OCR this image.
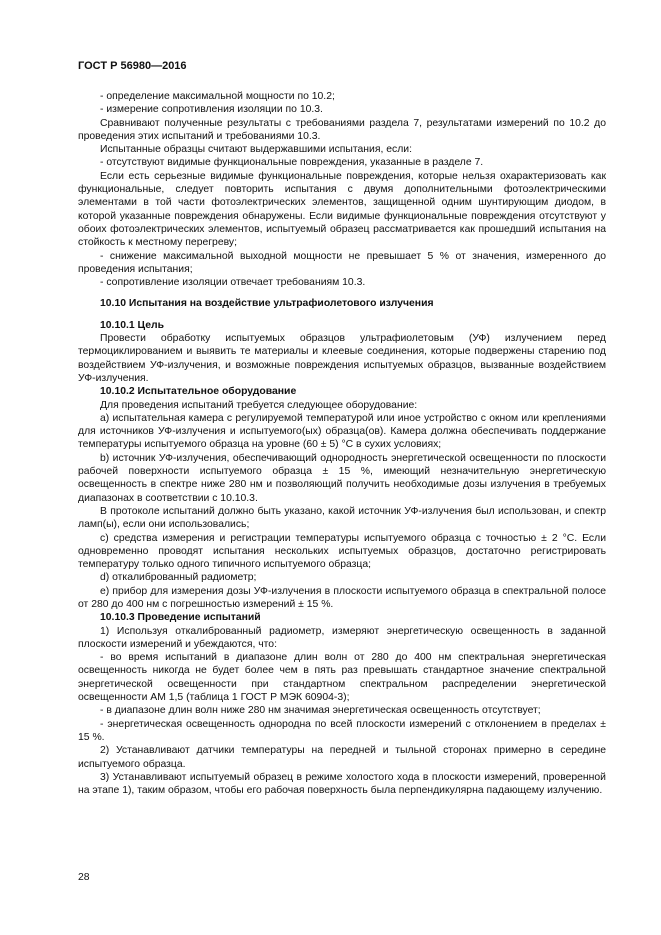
ГОСТ Р 56980—2016

- определение максимальной мощности по 10.2;

- измерение сопротивления изоляции по 10.3.

Сравнивают полученные результаты с требованиями раздела 7, результатами измерений по 10.2 до проведения этих испытаний и требованиями 10.3.

Испытанные образцы считают выдержавшими испытания, если:

- отсутствуют видимые функциональные повреждения, указанные в разделе 7.

Если есть серьезные видимые функциональные повреждения, которые нельзя охарактеризовать как функциональные, следует повторить испытания с двумя дополнительными фотоэлектрическими элементами в той части фотоэлектрических элементов, защищенной одним шунтирующим диодом, в которой указанные повреждения обнаружены. Если видимые функциональные повреждения отсутствуют у обоих фотоэлектрических элементов, испытуемый образец рассматривается как прошедший испытания на стойкость к местному перегреву;

- снижение максимальной выходной мощности не превышает 5 % от значения, измеренного до проведения испытания;

- сопротивление изоляции отвечает требованиям 10.3.

10.10 Испытания на воздействие ультрафиолетового излучения

10.10.1 Цель

Провести обработку испытуемых образцов ультрафиолетовым (УФ) излучением перед термоциклированием и выявить те материалы и клеевые соединения, которые подвержены старению под воздействием УФ-излучения, и возможные повреждения испытуемых образцов, вызванные воздействием УФ-излучения.

10.10.2 Испытательное оборудование

Для проведения испытаний требуется следующее оборудование:

а) испытательная камера с регулируемой температурой или иное устройство с окном или креплениями для источников УФ-излучения и испытуемого(ых) образца(ов). Камера должна обеспечивать поддержание температуры испытуемого образца на уровне (60 ± 5) °С в сухих условиях;

b) источник УФ-излучения, обеспечивающий однородность энергетической освещенности по плоскости рабочей поверхности испытуемого образца ± 15 %, имеющий незначительную энергетическую освещенность в спектре ниже 280 нм и позволяющий получить необходимые дозы излучения в требуемых диапазонах в соответствии с 10.10.3.

В протоколе испытаний должно быть указано, какой источник УФ-излучения был использован, и спектр ламп(ы), если они использовались;

с) средства измерения и регистрации температуры испытуемого образца с точностью ± 2 °С. Если одновременно проводят испытания нескольких испытуемых образцов, достаточно регистрировать температуру только одного типичного испытуемого образца;

d) откалиброванный радиометр;

е) прибор для измерения дозы УФ-излучения в плоскости испытуемого образца в спектральной полосе от 280 до 400 нм с погрешностью измерений ± 15 %.

10.10.3 Проведение испытаний

1) Используя откалиброванный радиометр, измеряют энергетическую освещенность в заданной плоскости измерений и убеждаются, что:

- во время испытаний в диапазоне длин волн от 280 до 400 нм спектральная энергетическая освещенность никогда не будет более чем в пять раз превышать стандартное значение спектральной энергетической освещенности при стандартном спектральном распределении энергетической освещенности АМ 1,5 (таблица 1 ГОСТ Р МЭК 60904-3);

- в диапазоне длин волн ниже 280 нм значимая энергетическая освещенность отсутствует;

- энергетическая освещенность однородна по всей плоскости измерений с отклонением в пределах ± 15 %.

2) Устанавливают датчики температуры на передней и тыльной сторонах примерно в середине испытуемого образца.

3) Устанавливают испытуемый образец в режиме холостого хода в плоскости измерений, проверенной на этапе 1), таким образом, чтобы его рабочая поверхность была перпендикулярна падающему излучению.

28
